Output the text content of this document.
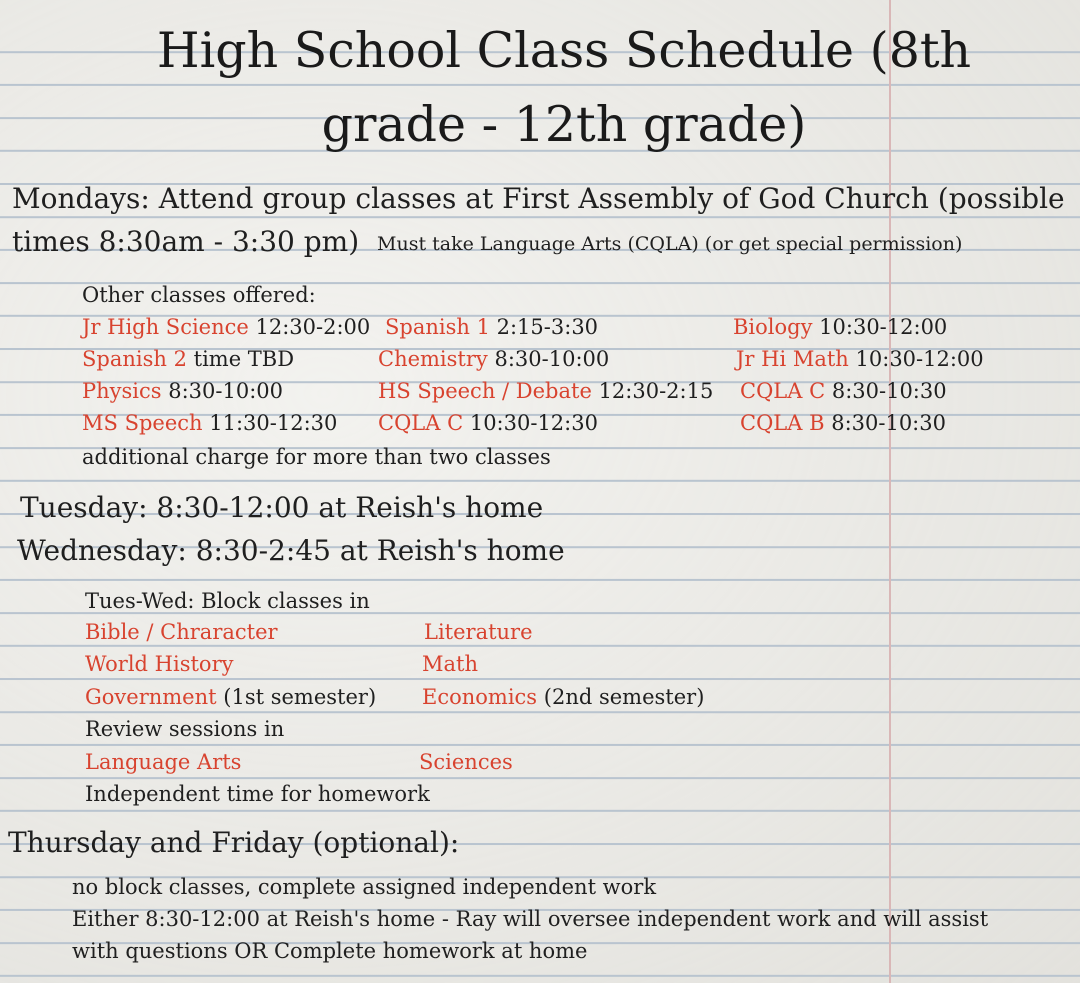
High School Class Schedule (8th
grade - 12th grade)
Mondays: Attend group classes at First Assembly of God Church (possible
times 8:30am - 3:30 pm) Must take Language Arts (CQLA) (or get special permission)
Other classes offered:
Jr High Science 12:30-2:00 Spanish 1 2:15-3:30	Biology 10:30-12:00
Spanish 2 time TBD	Chemistry 8:30-10:00	Jr Hi Math 10:30-12:00
Physics 8:30-10:00	HS Speech / Debate 12:30-2:15 CQLA C 8:30-10:30
MS Speech 11:30-12:30 CQLA C 10:30-12:30	CQLA B 8:30-10:30
additional charge for more than two classes
Tuesday: 8:30-12:00 at Reish's home
Wednesday: 8:30-2:45 at Reish's home
Tues-Wed: Block classes in
Bible / Chraracter	Literature
World History	Math
Government (1st semester) Economics (2nd semester)
Review sessions in
Language Arts	Sciences
Independent time for homework
Thursday and Friday (optional):
no block classes, complete assigned independent work
Either 8:30-12:00 at Reish's home - Ray will oversee independent work and will assist
with questions OR Complete homework at home
